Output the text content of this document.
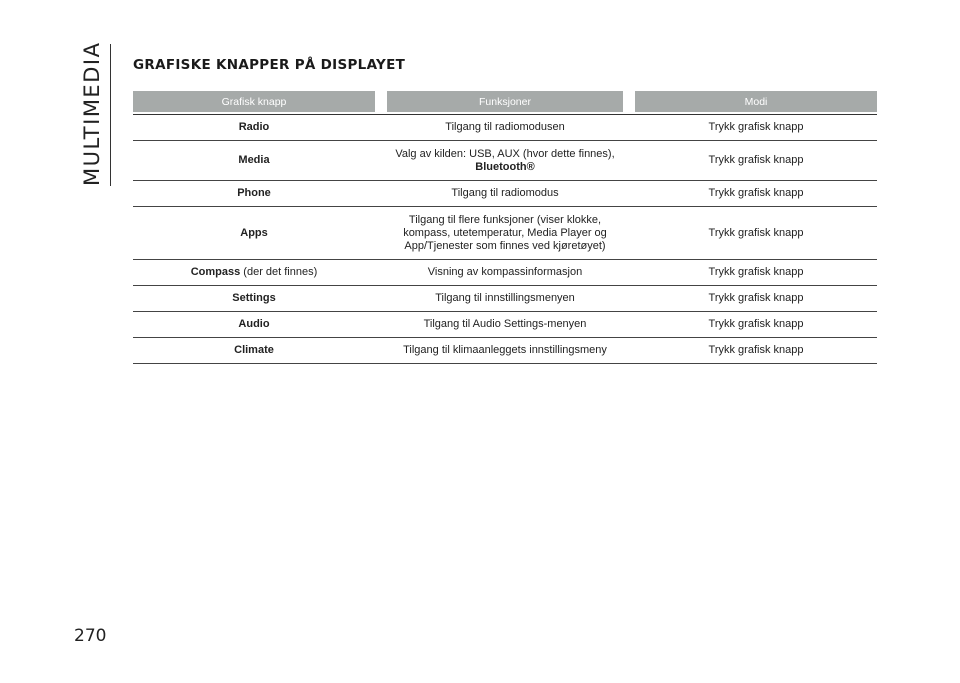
MULTIMEDIA GRAFISKE KNAPPER PÅ DISPLAYET
Grafisk knapp		Funksjoner		Modi

Radio	Tilgang til radiomodusen			Trykk grafisk knapp
Media	Valg av kilden: USB, AUX (hvor dette finnes),
Bluetooth®			Trykk grafisk knapp
Phone	Tilgang til radiomodus			Trykk grafisk knapp
Apps	Tilgang til flere funksjoner (viser klokke,
kompass, utetemperatur, Media Player og
App/Tjenester som finnes ved kjøretøyet)			Trykk grafisk knapp
Compass (der det finnes)	Visning av kompassinformasjon			Trykk grafisk knapp
Settings	Tilgang til innstillingsmenyen			Trykk grafisk knapp
Audio	Tilgang til Audio Settings-menyen			Trykk grafisk knapp
Climate	Tilgang til klimaanleggets innstillingsmeny			Trykk grafisk knapp
270
